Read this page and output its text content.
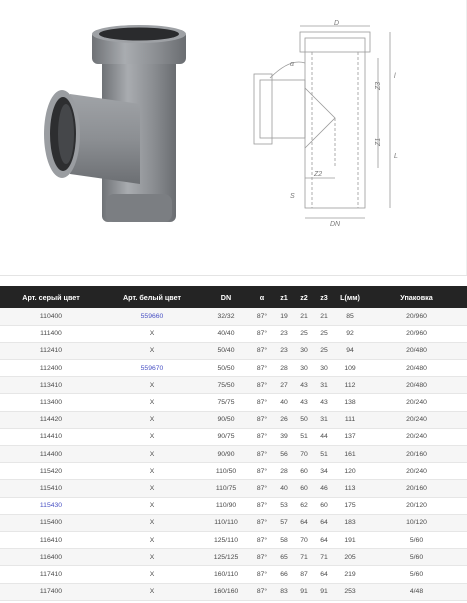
D
l
L
Z3
Z1
Z2
DN
S
α
Арт. серый цвет	Арт. белый цвет	DN	α	z1	z2	z3	L(мм)	Упаковка
110400	559660	32/32	87°	19	21	21	85	20/960
111400	X	40/40	87°	23	25	25	92	20/960
112410	X	50/40	87°	23	30	25	94	20/480
112400	559670	50/50	87°	28	30	30	109	20/480
113410	X	75/50	87°	27	43	31	112	20/480
113400	X	75/75	87°	40	43	43	138	20/240
114420	X	90/50	87°	26	50	31	111	20/240
114410	X	90/75	87°	39	51	44	137	20/240
114400	X	90/90	87°	56	70	51	161	20/160
115420	X	110/50	87°	28	60	34	120	20/240
115410	X	110/75	87°	40	60	46	113	20/160
115430	X	110/90	87°	53	62	60	175	20/120
115400	X	110/110	87°	57	64	64	183	10/120
116410	X	125/110	87°	58	70	64	191	5/60
116400	X	125/125	87°	65	71	71	205	5/60
117410	X	160/110	87°	66	87	64	219	5/60
117400	X	160/160	87°	83	91	91	253	4/48
